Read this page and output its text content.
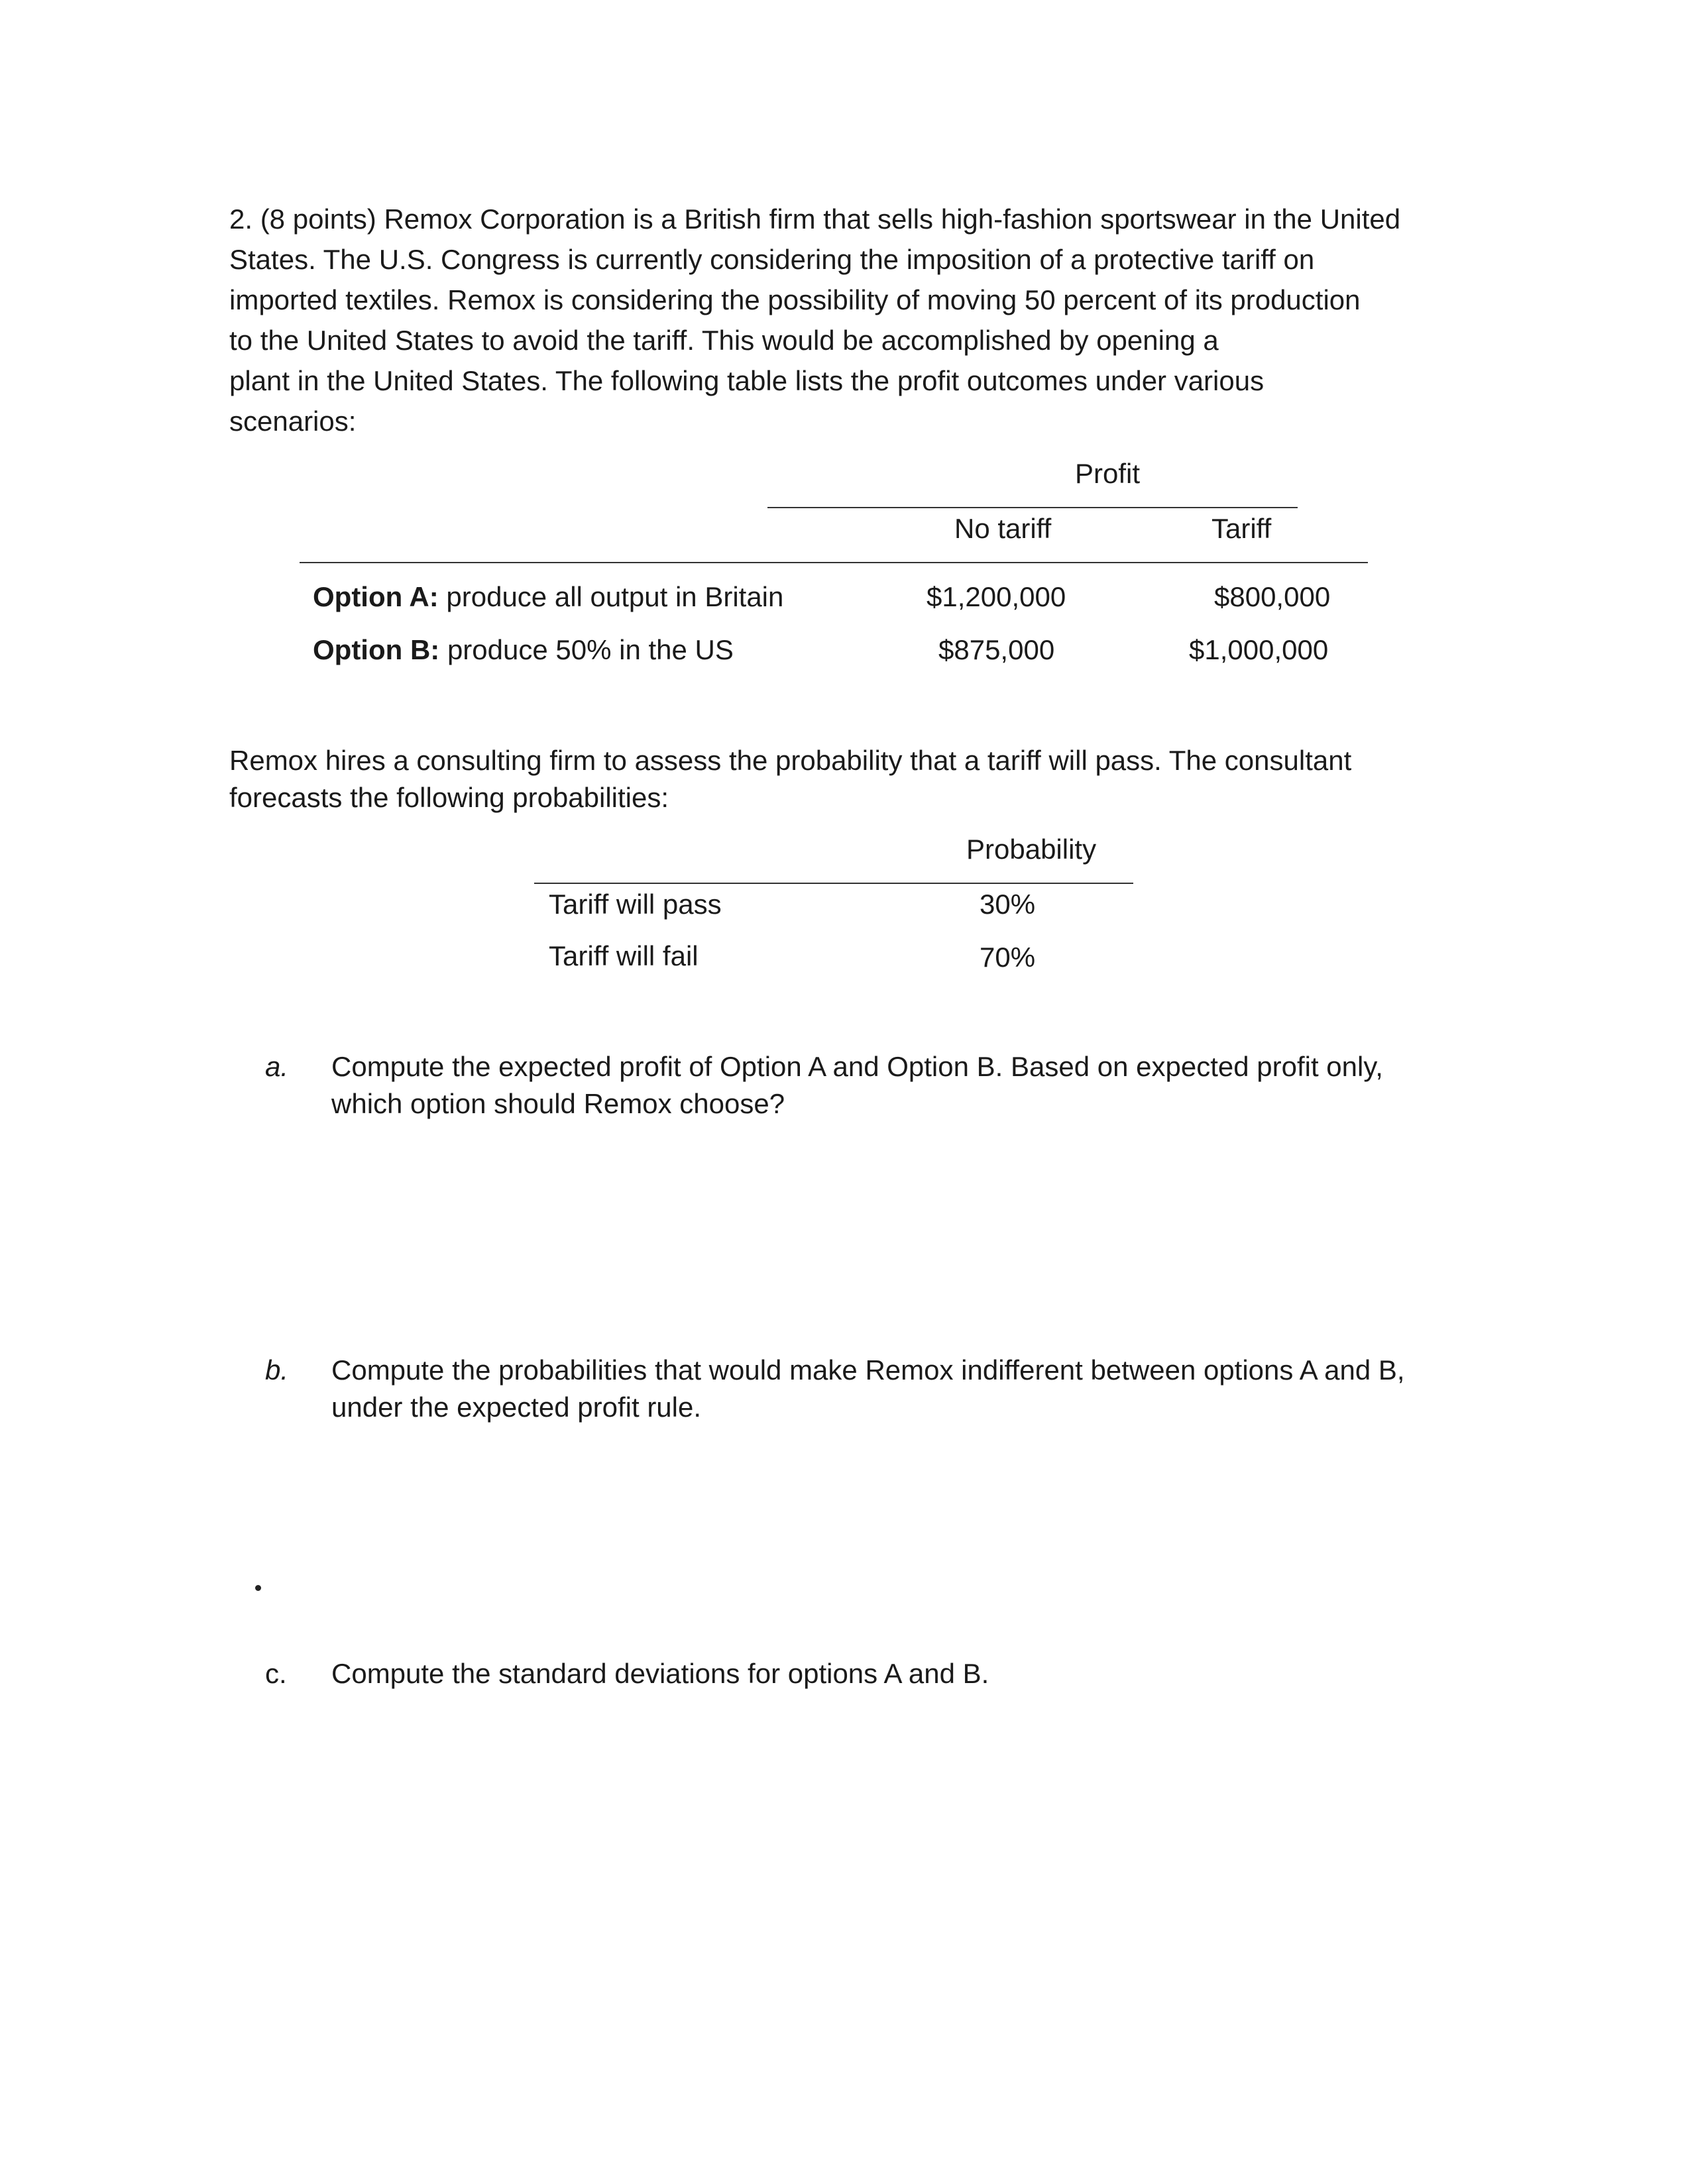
2. (8 points) Remox Corporation is a British firm that sells high-fashion sportswear in the United
States. The U.S. Congress is currently considering the imposition of a protective tariff on
imported textiles. Remox is considering the possibility of moving 50 percent of its production
to the United States to avoid the tariff. This would be accomplished by opening a
plant in the United States. The following table lists the profit outcomes under various
scenarios:

Profit
No tariff	Tariff
Option A: produce all output in Britain	$1,200,000	$800,000
Option B: produce 50% in the US	$875,000	$1,000,000

Remox hires a consulting firm to assess the probability that a tariff will pass. The consultant
forecasts the following probabilities:

Probability
Tariff will pass	30%
Tariff will fail	70%
a. Compute the expected profit of Option A and Option B. Based on expected profit only,
which option should Remox choose?
b. Compute the probabilities that would make Remox indifferent between options A and B,
under the expected profit rule.
c. Compute the standard deviations for options A and B.
